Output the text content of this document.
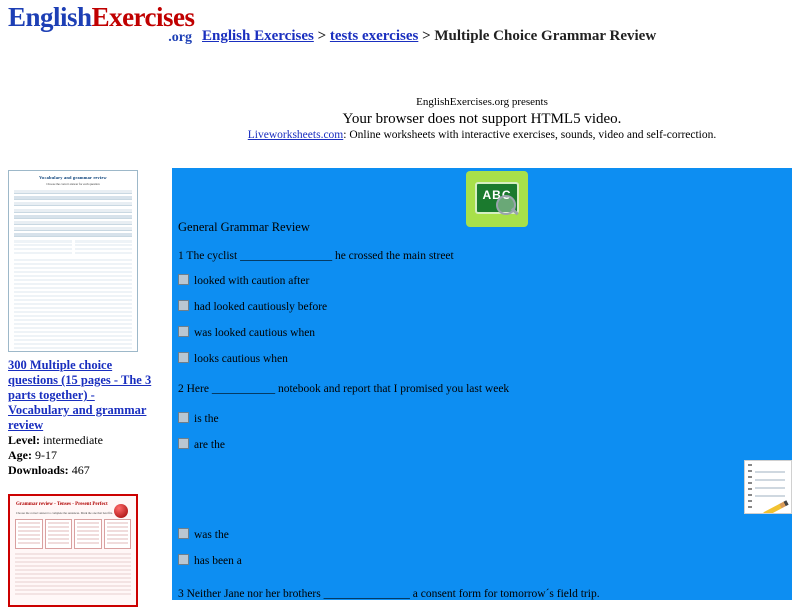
EnglishExercises
.org English Exercises > tests exercises > Multiple Choice Grammar Review
EnglishExercises.org presents
Your browser does not support HTML5 video.
Liveworksheets.com: Online worksheets with interactive exercises, sounds, video and self-correction.
Vocabulary and grammar review
Choose the correct answer for each question
300 Multiple choice questions (15 pages - The 3 parts together) - Vocabulary and grammar review
Level: intermediate
Age: 9-17
Downloads: 467
Grammar review - Tenses - Present Perfect
Choose the correct answer to complete the sentences. Mark the one that best fits.
ABC
General Grammar Review
1 The cyclist ________________ he crossed the main street
looked with caution after
had looked cautiously before
was looked cautious when
looks cautious when
2 Here ___________ notebook and report that I promised you last week
is the
are the
was the
has been a
3 Neither Jane nor her brothers _______________ a consent form for tomorrow´s field trip.
